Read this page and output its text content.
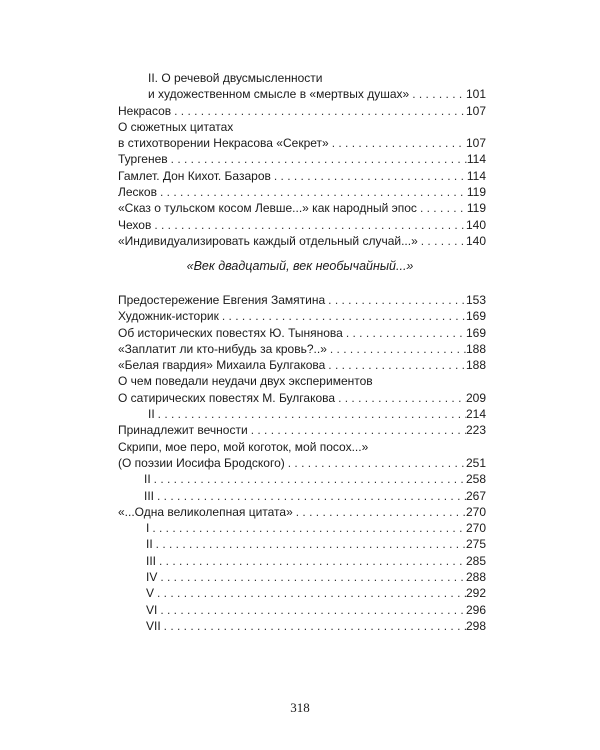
II. О речевой двусмысленности
и художественном смысле в «мертвых душах» . . .	101
Некрасов . . .	107
О сюжетных цитатах
в стихотворении Некрасова «Секрет» . . .	107
Тургенев . . .	114
Гамлет. Дон Кихот. Базаров . . .	114
Лесков . . .	119
«Сказ о тульском косом Левше...» как народный эпос . . .	119
Чехов . . .	140
«Индивидуализировать каждый отдельный случай...» . . .	140
«Век двадцатый, век необычайный...»
Предостережение Евгения Замятина . . .	153
Художник-историк . . .	169
Об исторических повестях Ю. Тынянова . . .	169
«Заплатит ли кто-нибудь за кровь?..» . . .	188
«Белая гвардия» Михаила Булгакова . . .	188
О чем поведали неудачи двух экспериментов
О сатирических повестях М. Булгакова . . .	209
II . . .	214
Принадлежит вечности . . .	223
Скрипи, мое перо, мой коготок, мой посох...»
(О поэзии Иосифа Бродского) . . .	251
II . . .	258
III . . .	267
«...Одна великолепная цитата» . . .	270
I . . .	270
II . . .	275
III . . .	285
IV . . .	288
V . . .	292
VI . . .	296
VII . . .	298
318
